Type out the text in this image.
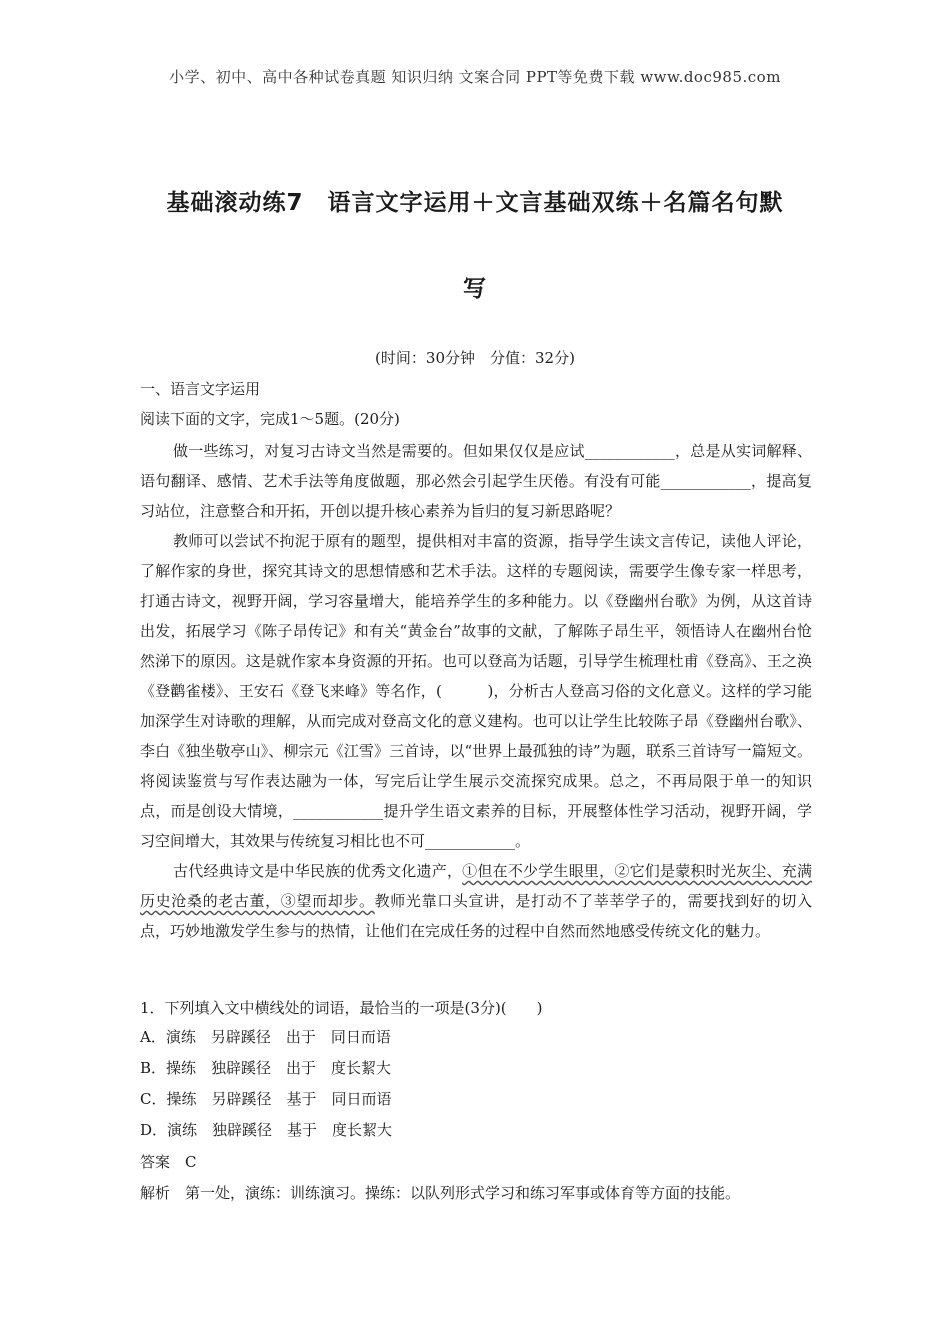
小学、初中、高中各种试卷真题 知识归纳 文案合同 PPT等免费下载 www.doc985.com
基础滚动练7　语言文字运用＋文言基础双练＋名篇名句默
写
(时间：30分钟　分值：32分)
一、语言文字运用
阅读下面的文字，完成1～5题。(20分)

做一些练习，对复习古诗文当然是需要的。但如果仅仅是应试____________，总是从实词解释、语句翻译、感情、艺术手法等角度做题，那必然会引起学生厌倦。有没有可能____________，提高复习站位，注意整合和开拓，开创以提升核心素养为旨归的复习新思路呢？

教师可以尝试不拘泥于原有的题型，提供相对丰富的资源，指导学生读文言传记，读他人评论，了解作家的身世，探究其诗文的思想情感和艺术手法。这样的专题阅读，需要学生像专家一样思考，打通古诗文，视野开阔，学习容量增大，能培养学生的多种能力。以《登幽州台歌》为例，从这首诗出发，拓展学习《陈子昂传记》和有关“黄金台”故事的文献，了解陈子昂生平，领悟诗人在幽州台怆然涕下的原因。这是就作家本身资源的开拓。也可以登高为话题，引导学生梳理杜甫《登高》、王之涣《登鹳雀楼》、王安石《登飞来峰》等名作，(　　　)，分析古人登高习俗的文化意义。这样的学习能加深学生对诗歌的理解，从而完成对登高文化的意义建构。也可以让学生比较陈子昂《登幽州台歌》、李白《独坐敬亭山》、柳宗元《江雪》三首诗，以“世界上最孤独的诗”为题，联系三首诗写一篇短文。将阅读鉴赏与写作表达融为一体，写完后让学生展示交流探究成果。总之，不再局限于单一的知识点，而是创设大情境，____________提升学生语文素养的目标，开展整体性学习活动，视野开阔，学习空间增大，其效果与传统复习相比也不可____________。

古代经典诗文是中华民族的优秀文化遗产，①但在不少学生眼里，②它们是蒙积时光灰尘、充满历史沧桑的老古董，③望而却步。教师光靠口头宣讲，是打动不了莘莘学子的，需要找到好的切入点，巧妙地激发学生参与的热情，让他们在完成任务的过程中自然而然地感受传统文化的魅力。

1．下列填入文中横线处的词语，最恰当的一项是(3分)(　　)
A．演练　另辟蹊径　出于　同日而语
B．操练　独辟蹊径　出于　度长絜大
C．操练　另辟蹊径　基于　同日而语
D．演练　独辟蹊径　基于　度长絜大
答案　C
解析　第一处，演练：训练演习。操练：以队列形式学习和练习军事或体育等方面的技能。
